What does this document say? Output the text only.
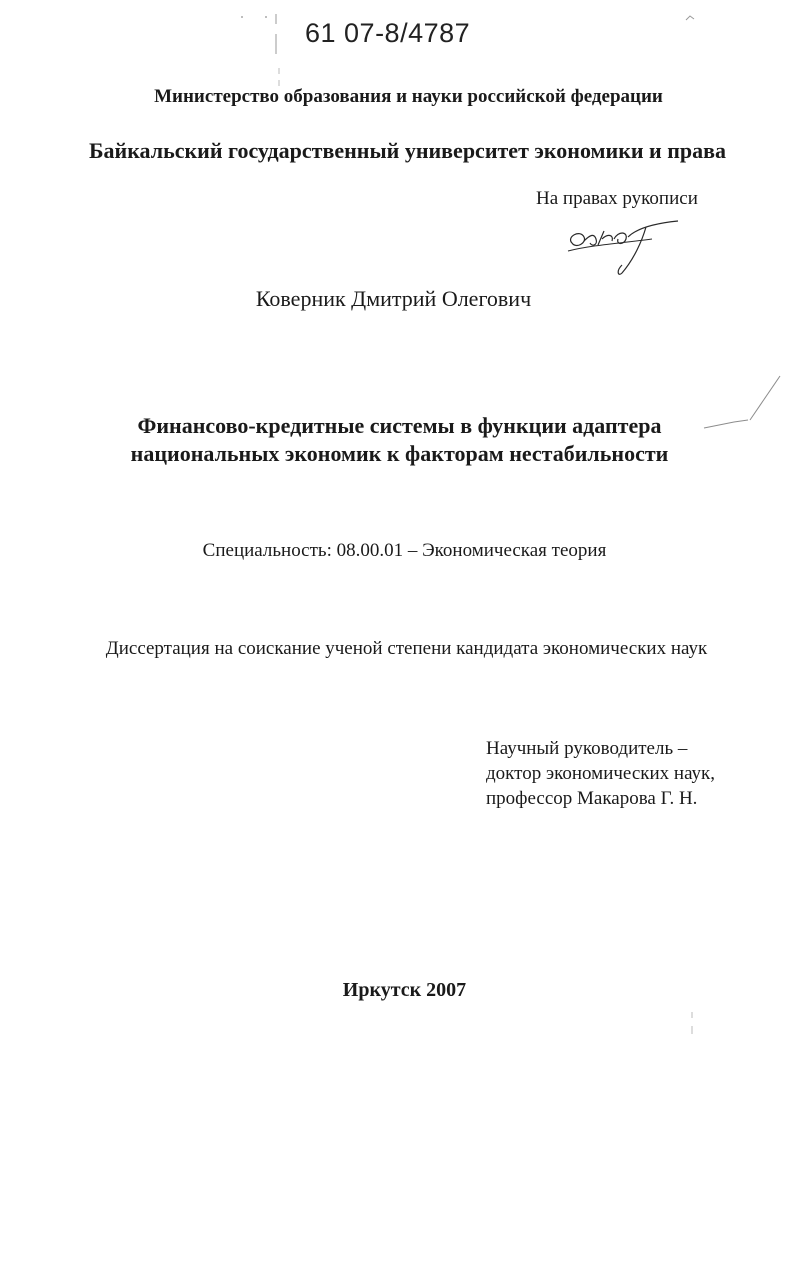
61 07-8/4787
Министерство образования и науки российской федерации
Байкальский государственный университет экономики и права
На правах рукописи
Коверник Дмитрий Олегович
Финансово-кредитные системы в функции адаптера
национальных экономик к факторам нестабильности
Специальность: 08.00.01 – Экономическая теория
Диссертация на соискание ученой степени кандидата экономических наук
Научный руководитель –
доктор экономических наук,
профессор Макарова Г. Н.
Иркутск 2007
